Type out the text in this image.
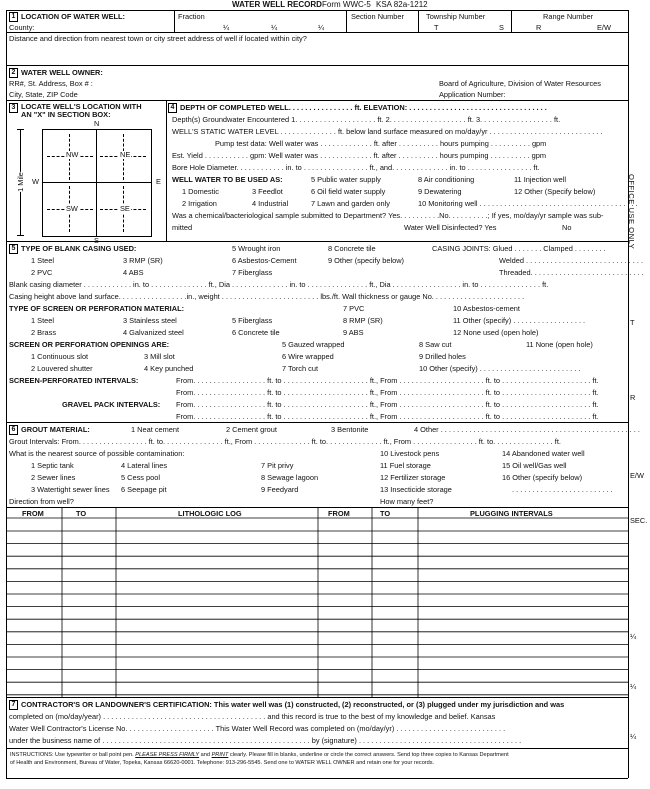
WATER WELL RECORD Form WWC-5 KSA 82a-1212
1 LOCATION OF WATER WELL:
County:
Fraction
¼	¼	¼
Section Number	Township Number	Range Number
T	S	R	E/W
Distance and direction from nearest town or city street address of well if located within city?
2 WATER WELL OWNER:
RR#, St. Address, Box # :
City, State, ZIP Code
Board of Agriculture, Division of Water Resources
Application Number:
3 LOCATE WELL'S LOCATION WITH
AN "X" IN SECTION BOX:
N
S
W	E
NW	NE
SW	SE
1 Mile
4 DEPTH OF COMPLETED WELL. . . . . . . . . . . . . . . . ft. ELEVATION: . . . . . . . . . . . . . . . . . . . . . . . . . . . . . . . . . .
Depth(s) Groundwater Encountered 1. . . . . . . . . . . . . . . . . . . . ft. 2. . . . . . . . . . . . . . . . . . . ft. 3. . . . . . . . . . . . . . . . . . ft.
WELL'S STATIC WATER LEVEL . . . . . . . . . . . . . . ft. below land surface measured on mo/day/yr . . . . . . . . . . . . . . . . . . . . . . . . . . . .
Pump test data: Well water was . . . . . . . . . . . . . ft. after . . . . . . . . . . hours pumping . . . . . . . . . . gpm
Est. Yield . . . . . . . . . . . gpm: Well water was . . . . . . . . . . . . . ft. after . . . . . . . . . . hours pumping . . . . . . . . . . gpm
Bore Hole Diameter. . . . . . . . . . . . in. to . . . . . . . . . . . . . . . . ft., and. . . . . . . . . . . . . . in. to . . . . . . . . . . . . . . . . ft.
WELL WATER TO BE USED AS:	5 Public water supply	8 Air conditioning	11 Injection well
1 Domestic	3 Feedlot	6 Oil field water supply	9 Dewatering	12 Other (Specify below)
2 Irrigation	4 Industrial	7 Lawn and garden only	10 Monitoring well . . . . . . . . . . . . . . . . . . . . . . . . . . . . . . . . . . . . . . .
Was a chemical/bacteriological sample submitted to Department? Yes. . . . . . . . . .No. . . . . . . . . .; If yes, mo/day/yr sample was sub-
mitted	Water Well Disinfected? Yes	No
5 TYPE OF BLANK CASING USED:	5 Wrought iron	8 Concrete tile	CASING JOINTS: Glued . . . . . . . Clamped . . . . . . . .
1 Steel	3 RMP (SR)	6 Asbestos-Cement	9 Other (specify below)	Welded . . . . . . . . . . . . . . . . . . . . . . . . . . . . .
2 PVC	4 ABS	7 Fiberglass	Threaded. . . . . . . . . . . . . . . . . . . . . . . . . . . .
Blank casing diameter . . . . . . . . . . . . in. to . . . . . . . . . . . . . . ft., Dia . . . . . . . . . . . . . . in. to . . . . . . . . . . . . . . . ft., Dia . . . . . . . . . . . . . . . . . in. to . . . . . . . . . . . . . . . ft.
Casing height above land surface. . . . . . . . . . . . . . . . .in., weight . . . . . . . . . . . . . . . . . . . . . . . . lbs./ft. Wall thickness or gauge No. . . . . . . . . . . . . . . . . . . . . . .
TYPE OF SCREEN OR PERFORATION MATERIAL:	7 PVC	10 Asbestos-cement
1 Steel	3 Stainless steel	5 Fiberglass	8 RMP (SR)	11 Other (specify) . . . . . . . . . . . . . . . . . .
2 Brass	4 Galvanized steel	6 Concrete tile	9 ABS	12 None used (open hole)
SCREEN OR PERFORATION OPENINGS ARE:	5 Gauzed wrapped	8 Saw cut	11 None (open hole)
1 Continuous slot	3 Mill slot	6 Wire wrapped	9 Drilled holes
2 Louvered shutter	4 Key punched	7 Torch cut	10 Other (specify) . . . . . . . . . . . . . . . . . . . . . . . . .
SCREEN-PERFORATED INTERVALS:	From. . . . . . . . . . . . . . . . . . ft. to . . . . . . . . . . . . . . . . . . . . . ft., From . . . . . . . . . . . . . . . . . . . . . ft. to . . . . . . . . . . . . . . . . . . . . . . ft.
From. . . . . . . . . . . . . . . . . . ft. to . . . . . . . . . . . . . . . . . . . . . ft., From . . . . . . . . . . . . . . . . . . . . . ft. to . . . . . . . . . . . . . . . . . . . . . . ft.
GRAVEL PACK INTERVALS: From. . . . . . . . . . . . . . . . . . ft. to . . . . . . . . . . . . . . . . . . . . . ft., From . . . . . . . . . . . . . . . . . . . . . ft. to . . . . . . . . . . . . . . . . . . . . . . ft.
From. . . . . . . . . . . . . . . . . . ft. to . . . . . . . . . . . . . . . . . . . . . ft., From . . . . . . . . . . . . . . . . . . . . . ft. to . . . . . . . . . . . . . . . . . . . . . . ft.
6 GROUT MATERIAL:	1 Neat cement	2 Cement grout	3 Bentonite	4 Other . . . . . . . . . . . . . . . . . . . . . . . . . . . . . . . . . . . . . . . . . . . . . . . . .
Grout Intervals: From. . . . . . . . . . . . . . . . . ft. to. . . . . . . . . . . . . . . ft., From . . . . . . . . . . . . . . ft. to. . . . . . . . . . . . . . ft., From . . . . . . . . . . . . . . . . ft. to. . . . . . . . . . . . . . . ft.
What is the nearest source of possible contamination:	10 Livestock pens	14 Abandoned water well
1 Septic tank	4 Lateral lines	7 Pit privy	11 Fuel storage	15 Oil well/Gas well
2 Sewer lines	5 Cess pool	8 Sewage lagoon	12 Fertilizer storage	16 Other (specify below)
3 Watertight sewer lines 6 Seepage pit	9 Feedyard	13 Insecticide storage	. . . . . . . . . . . . . . . . . . . . . . . . .
Direction from well?	How many feet?
FROM	TO	LITHOLOGIC LOG	FROM	TO	PLUGGING INTERVALS
7 CONTRACTOR'S OR LANDOWNER'S CERTIFICATION: This water well was (1) constructed, (2) reconstructed, or (3) plugged under my jurisdiction and was
completed on (mo/day/year) . . . . . . . . . . . . . . . . . . . . . . . . . . . . . . . . . . . . . . . . and this record is true to the best of my knowledge and belief. Kansas
Water Well Contractor's License No. . . . . . . . . . . . . . . . . . . . . . This Water Well Record was completed on (mo/day/yr) . . . . . . . . . . . . . . . . . . . . . . . . . . .
under the business name of . . . . . . . . . . . . . . . . . . . . . . . . . . . . . . . . . . . . . . . . . . . . . . . . . . . by (signature) . . . . . . . . . . . . . . . . . . . . . . . . . . . . . . . . . . . . . . . .
INSTRUCTIONS: Use typewriter or ball point pen. PLEASE PRESS FIRMLY and PRINT clearly. Please fill in blanks, underline or circle the correct answers. Send top three copies to Kansas Department
of Health and Environment, Bureau of Water, Topeka, Kansas 66620-0001. Telephone: 913-296-5545. Send one to WATER WELL OWNER and retain one for your records.
OFFICE USE ONLY
T
R
E/W
SEC.
¼
¼
¼
